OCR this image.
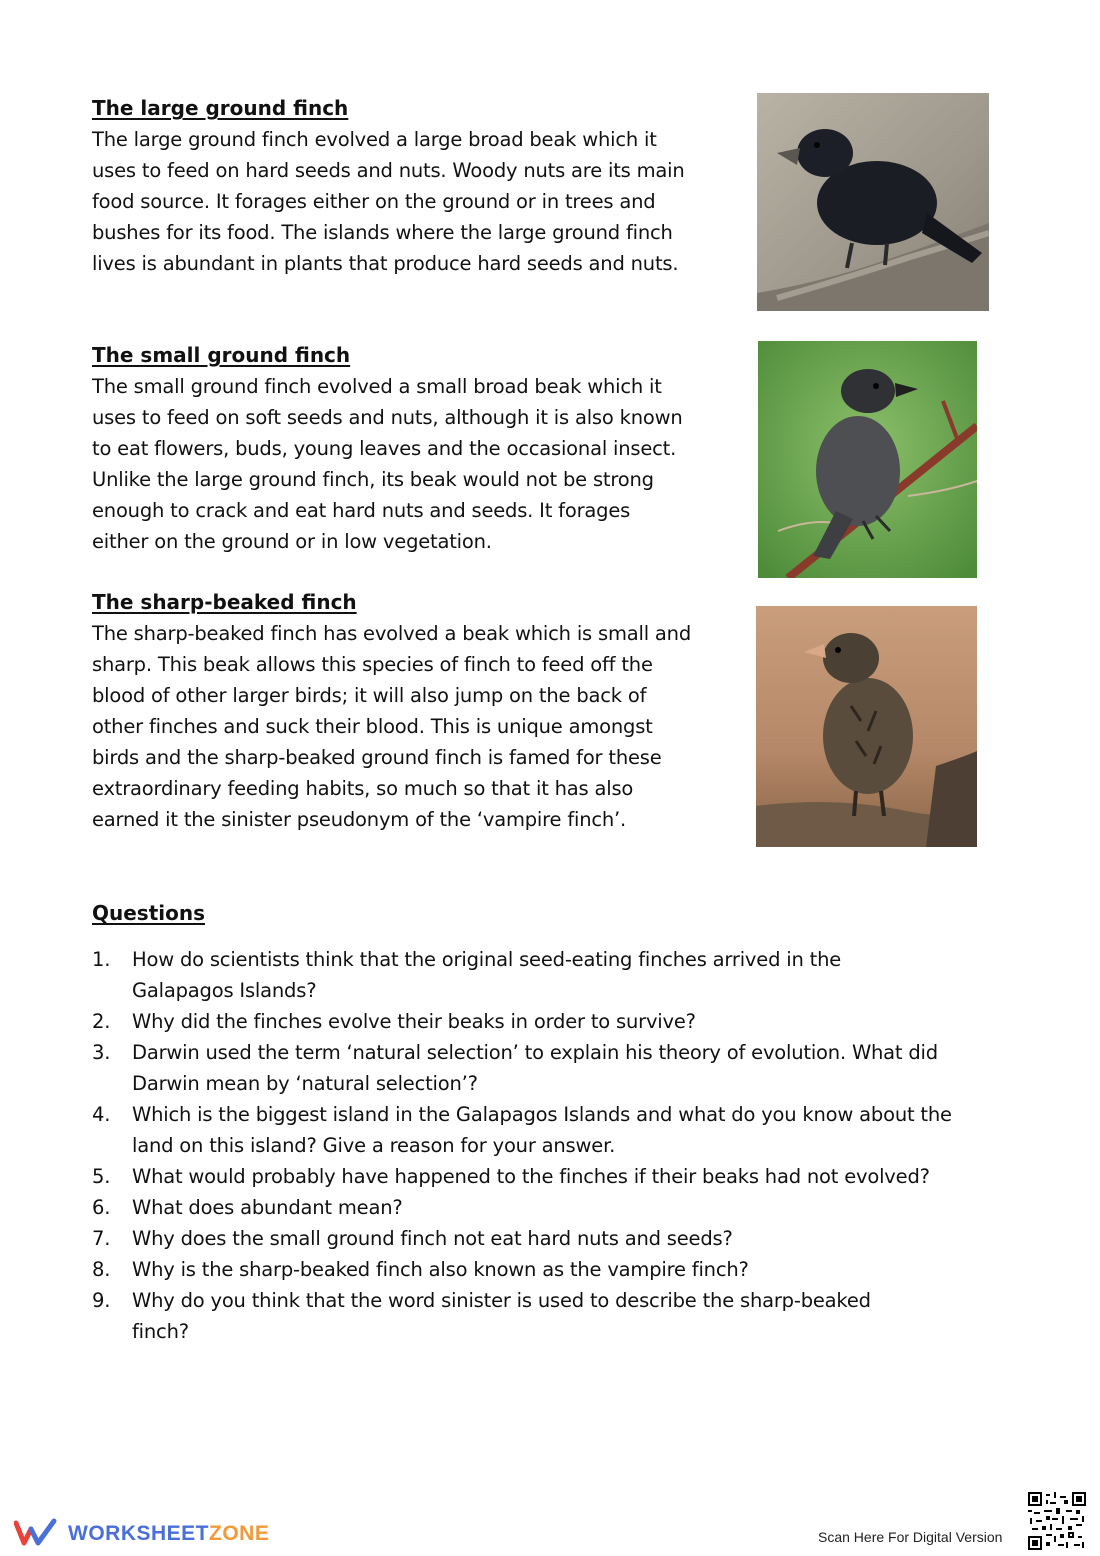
The large ground finch

The large ground finch evolved a large broad beak which it
uses to feed on hard seeds and nuts. Woody nuts are its main
food source. It forages either on the ground or in trees and
bushes for its food. The islands where the large ground finch
lives is abundant in plants that produce hard seeds and nuts.

The small ground finch

The small ground finch evolved a small broad beak which it
uses to feed on soft seeds and nuts, although it is also known
to eat flowers, buds, young leaves and the occasional insect.
Unlike the large ground finch, its beak would not be strong
enough to crack and eat hard nuts and seeds. It forages
either on the ground or in low vegetation.

The sharp-beaked finch

The sharp-beaked finch has evolved a beak which is small and
sharp. This beak allows this species of finch to feed off the
blood of other larger birds; it will also jump on the back of
other finches and suck their blood. This is unique amongst
birds and the sharp-beaked ground finch is famed for these
extraordinary feeding habits, so much so that it has also
earned it the sinister pseudonym of the ‘vampire finch’.

Questions
1. How do scientists think that the original seed-eating finches arrived in the
Galapagos Islands?
2. Why did the finches evolve their beaks in order to survive?
3. Darwin used the term ‘natural selection’ to explain his theory of evolution. What did
Darwin mean by ‘natural selection’?
4. Which is the biggest island in the Galapagos Islands and what do you know about the
land on this island? Give a reason for your answer.
5. What would probably have happened to the finches if their beaks had not evolved?
6. What does abundant mean?
7. Why does the small ground finch not eat hard nuts and seeds?
8. Why is the sharp-beaked finch also known as the vampire finch?
9. Why do you think that the word sinister is used to describe the sharp-beaked
finch?
WORKSHEETZONE	Scan Here For Digital Version
